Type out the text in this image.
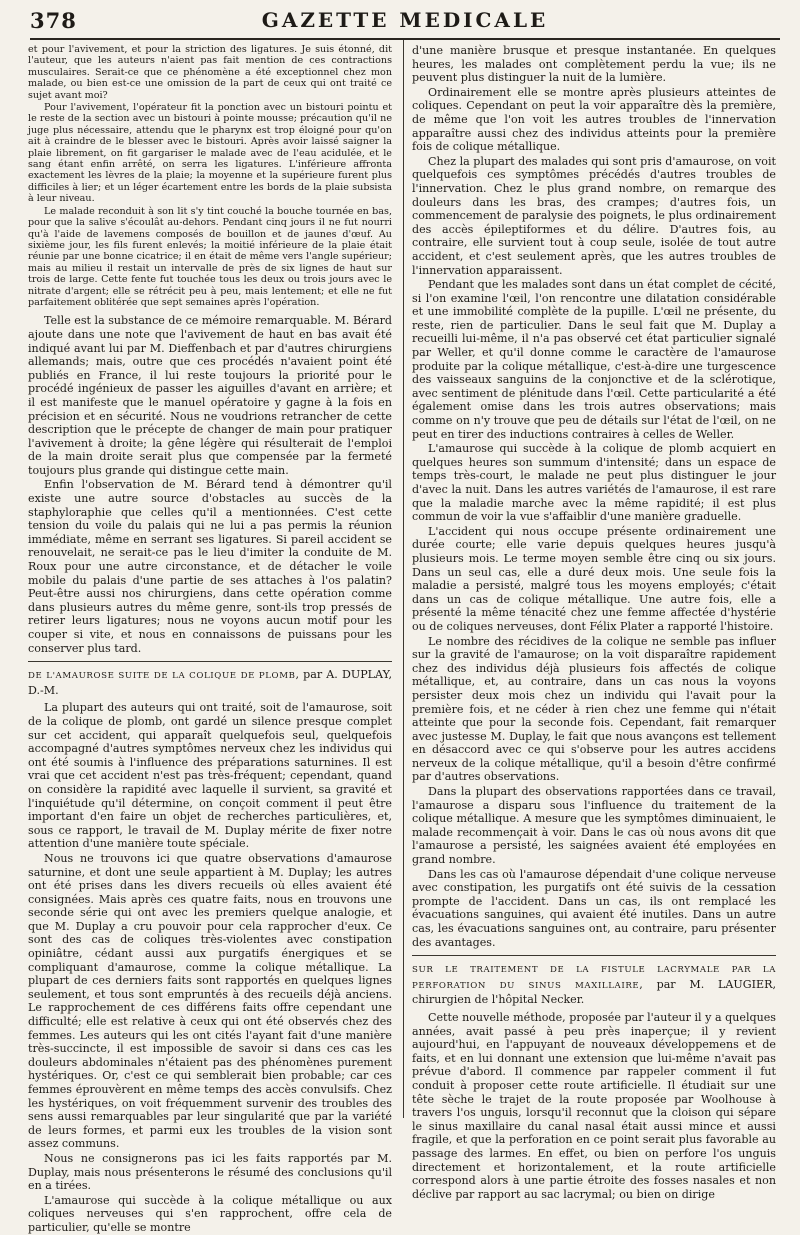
378	GAZETTE MEDICALE

et pour l'avivement, et pour la striction des ligatures. Je suis étonné, dit l'auteur, que les auteurs n'aient pas fait mention de ces contractions musculaires. Serait-ce que ce phénomène a été exceptionnel chez mon malade, ou bien est-ce une omission de la part de ceux qui ont traité ce sujet avant moi?

Pour l'avivement, l'opérateur fit la ponction avec un bistouri pointu et le reste de la section avec un bistouri à pointe mousse; précaution qu'il ne juge plus nécessaire, attendu que le pharynx est trop éloigné pour qu'on ait à craindre de le blesser avec le bistouri. Après avoir laissé saigner la plaie librement, on fit gargariser le malade avec de l'eau acidulée, et le sang étant enfin arrêté, on serra les ligatures. L'inférieure affronta exactement les lèvres de la plaie; la moyenne et la supérieure furent plus difficiles à lier; et un léger écartement entre les bords de la plaie subsista à leur niveau.

Le malade reconduit à son lit s'y tint couché la bouche tournée en bas, pour que la salive s'écoulât au-dehors. Pendant cinq jours il ne fut nourri qu'à l'aide de lavemens composés de bouillon et de jaunes d'œuf. Au sixième jour, les fils furent enlevés; la moitié inférieure de la plaie était réunie par une bonne cicatrice; il en était de même vers l'angle supérieur; mais au milieu il restait un intervalle de près de six lignes de haut sur trois de large. Cette fente fut touchée tous les deux ou trois jours avec le nitrate d'argent; elle se rétrécit peu à peu, mais lentement; et elle ne fut parfaitement oblitérée que sept semaines après l'opération.

Telle est la substance de ce mémoire remarquable. M. Bérard ajoute dans une note que l'avivement de haut en bas avait été indiqué avant lui par M. Dieffenbach et par d'autres chirurgiens allemands; mais, outre que ces procédés n'avaient point été publiés en France, il lui reste toujours la priorité pour le procédé ingénieux de passer les aiguilles d'avant en arrière; et il est manifeste que le manuel opératoire y gagne à la fois en précision et en sécurité. Nous ne voudrions retrancher de cette description que le précepte de changer de main pour pratiquer l'avivement à droite; la gêne légère qui résulterait de l'emploi de la main droite serait plus que compensée par la fermeté toujours plus grande qui distingue cette main.

Enfin l'observation de M. Bérard tend à démontrer qu'il existe une autre source d'obstacles au succès de la staphyloraphie que celles qu'il a mentionnées. C'est cette tension du voile du palais qui ne lui a pas permis la réunion immédiate, même en serrant ses ligatures. Si pareil accident se renouvelait, ne serait-ce pas le lieu d'imiter la conduite de M. Roux pour une autre circonstance, et de détacher le voile mobile du palais d'une partie de ses attaches à l'os palatin? Peut-être aussi nos chirurgiens, dans cette opération comme dans plusieurs autres du même genre, sont-ils trop pressés de retirer leurs ligatures; nous ne voyons aucun motif pour les couper si vite, et nous en connaissons de puissans pour les conserver plus tard.

DE L'AMAUROSE SUITE DE LA COLIQUE DE PLOMB, par A. DUPLAY, D.-M.

La plupart des auteurs qui ont traité, soit de l'amaurose, soit de la colique de plomb, ont gardé un silence presque complet sur cet accident, qui apparaît quelquefois seul, quelquefois accompagné d'autres symptômes nerveux chez les individus qui ont été soumis à l'influence des préparations saturnines. Il est vrai que cet accident n'est pas très-fréquent; cependant, quand on considère la rapidité avec laquelle il survient, sa gravité et l'inquiétude qu'il détermine, on conçoit comment il peut être important d'en faire un objet de recherches particulières, et, sous ce rapport, le travail de M. Duplay mérite de fixer notre attention d'une manière toute spéciale.

Nous ne trouvons ici que quatre observations d'amaurose saturnine, et dont une seule appartient à M. Duplay; les autres ont été prises dans les divers recueils où elles avaient été consignées. Mais après ces quatre faits, nous en trouvons une seconde série qui ont avec les premiers quelque analogie, et que M. Duplay a cru pouvoir pour cela rapprocher d'eux. Ce sont des cas de coliques très-violentes avec constipation opiniâtre, cédant aussi aux purgatifs énergiques et se compliquant d'amaurose, comme la colique métallique. La plupart de ces derniers faits sont rapportés en quelques lignes seulement, et tous sont empruntés à des recueils déjà anciens. Le rapprochement de ces différens faits offre cependant une difficulté; elle est relative à ceux qui ont été observés chez des femmes. Les auteurs qui les ont cités l'ayant fait d'une manière très-succincte, il est impossible de savoir si dans ces cas les douleurs abdominales n'étaient pas des phénomènes purement hystériques. Or, c'est ce qui semblerait bien probable; car ces femmes éprouvèrent en même temps des accès convulsifs. Chez les hystériques, on voit fréquemment survenir des troubles des sens aussi remarquables par leur singularité que par la variété de leurs formes, et parmi eux les troubles de la vision sont assez communs.

Nous ne consignerons pas ici les faits rapportés par M. Duplay, mais nous présenterons le résumé des conclusions qu'il en a tirées.

L'amaurose qui succède à la colique métallique ou aux coliques nerveuses qui s'en rapprochent, offre cela de particulier, qu'elle se montre

d'une manière brusque et presque instantanée. En quelques heures, les malades ont complètement perdu la vue; ils ne peuvent plus distinguer la nuit de la lumière.

Ordinairement elle se montre après plusieurs atteintes de coliques. Cependant on peut la voir apparaître dès la première, de même que l'on voit les autres troubles de l'innervation apparaître aussi chez des individus atteints pour la première fois de colique métallique.

Chez la plupart des malades qui sont pris d'amaurose, on voit quelquefois ces symptômes précédés d'autres troubles de l'innervation. Chez le plus grand nombre, on remarque des douleurs dans les bras, des crampes; d'autres fois, un commencement de paralysie des poignets, le plus ordinairement des accès épileptiformes et du délire. D'autres fois, au contraire, elle survient tout à coup seule, isolée de tout autre accident, et c'est seulement après, que les autres troubles de l'innervation apparaissent.

Pendant que les malades sont dans un état complet de cécité, si l'on examine l'œil, l'on rencontre une dilatation considérable et une immobilité complète de la pupille. L'œil ne présente, du reste, rien de particulier. Dans le seul fait que M. Duplay a recueilli lui-même, il n'a pas observé cet état particulier signalé par Weller, et qu'il donne comme le caractère de l'amaurose produite par la colique métallique, c'est-à-dire une turgescence des vaisseaux sanguins de la conjonctive et de la sclérotique, avec sentiment de plénitude dans l'œil. Cette particularité a été également omise dans les trois autres observations; mais comme on n'y trouve que peu de détails sur l'état de l'œil, on ne peut en tirer des inductions contraires à celles de Weller.

L'amaurose qui succède à la colique de plomb acquiert en quelques heures son summum d'intensité; dans un espace de temps très-court, le malade ne peut plus distinguer le jour d'avec la nuit. Dans les autres variétés de l'amaurose, il est rare que la maladie marche avec la même rapidité; il est plus commun de voir la vue s'affaiblir d'une manière graduelle.

L'accident qui nous occupe présente ordinairement une durée courte; elle varie depuis quelques heures jusqu'à plusieurs mois. Le terme moyen semble être cinq ou six jours. Dans un seul cas, elle a duré deux mois. Une seule fois la maladie a persisté, malgré tous les moyens employés; c'était dans un cas de colique métallique. Une autre fois, elle a présenté la même ténacité chez une femme affectée d'hystérie ou de coliques nerveuses, dont Félix Plater a rapporté l'histoire.

Le nombre des récidives de la colique ne semble pas influer sur la gravité de l'amaurose; on la voit disparaître rapidement chez des individus déjà plusieurs fois affectés de colique métallique, et, au contraire, dans un cas nous la voyons persister deux mois chez un individu qui l'avait pour la première fois, et ne céder à rien chez une femme qui n'était atteinte que pour la seconde fois. Cependant, fait remarquer avec justesse M. Duplay, le fait que nous avançons est tellement en désaccord avec ce qui s'observe pour les autres accidens nerveux de la colique métallique, qu'il a besoin d'être confirmé par d'autres observations.

Dans la plupart des observations rapportées dans ce travail, l'amaurose a disparu sous l'influence du traitement de la colique métallique. A mesure que les symptômes diminuaient, le malade recommençait à voir. Dans le cas où nous avons dit que l'amaurose a persisté, les saignées avaient été employées en grand nombre.

Dans les cas où l'amaurose dépendait d'une colique nerveuse avec constipation, les purgatifs ont été suivis de la cessation prompte de l'accident. Dans un cas, ils ont remplacé les évacuations sanguines, qui avaient été inutiles. Dans un autre cas, les évacuations sanguines ont, au contraire, paru présenter des avantages.

SUR LE TRAITEMENT DE LA FISTULE LACRYMALE PAR LA PERFORATION DU SINUS MAXILLAIRE, par M. LAUGIER, chirurgien de l'hôpital Necker.

Cette nouvelle méthode, proposée par l'auteur il y a quelques années, avait passé à peu près inaperçue; il y revient aujourd'hui, en l'appuyant de nouveaux développemens et de faits, et en lui donnant une extension que lui-même n'avait pas prévue d'abord. Il commence par rappeler comment il fut conduit à proposer cette route artificielle. Il étudiait sur une tête sèche le trajet de la route proposée par Woolhouse à travers l'os unguis, lorsqu'il reconnut que la cloison qui sépare le sinus maxillaire du canal nasal était aussi mince et aussi fragile, et que la perforation en ce point serait plus favorable au passage des larmes. En effet, ou bien on perfore l'os unguis directement et horizontalement, et la route artificielle correspond alors à une partie étroite des fosses nasales et non déclive par rapport au sac lacrymal; ou bien on dirige
